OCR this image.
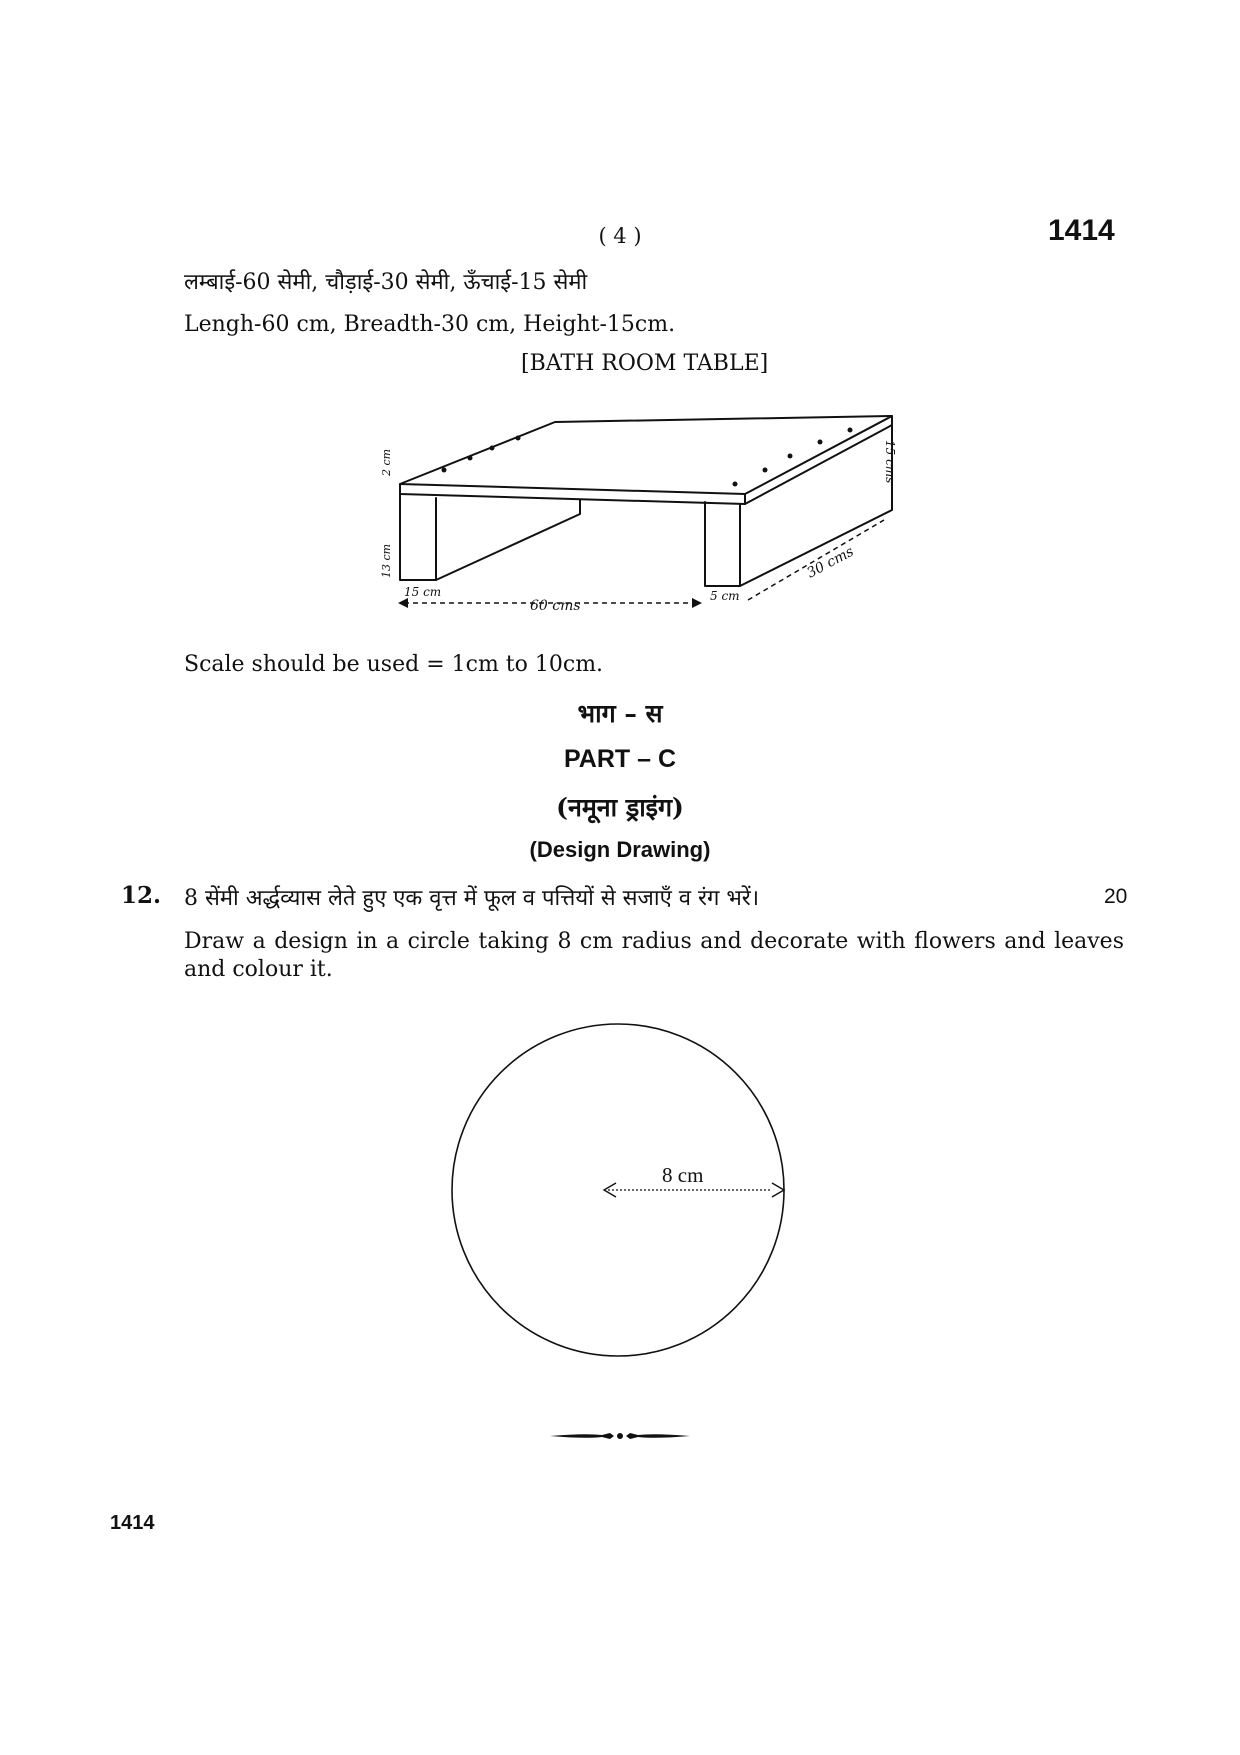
( 4 )	1414
लम्बाई-60 सेमी, चौड़ाई-30 सेमी, ऊँचाई-15 सेमी
Lengh-60 cm, Breadth-30 cm, Height-15cm.
[BATH ROOM TABLE]
60 cms
30 cms
15 cms
2 cm
13 cm
15 cm	5 cm
Scale should be used = 1cm to 10cm.
भाग – स
PART – C
(नमूना ड्राइंग)
(Design Drawing)
12. 8 सेंमी अर्द्धव्यास लेते हुए एक वृत्त में फूल व पत्तियों से सजाएँ व रंग भरें।	20
Draw a design in a circle taking 8 cm radius and decorate with flowers and leaves and colour it.
8 cm
1414
